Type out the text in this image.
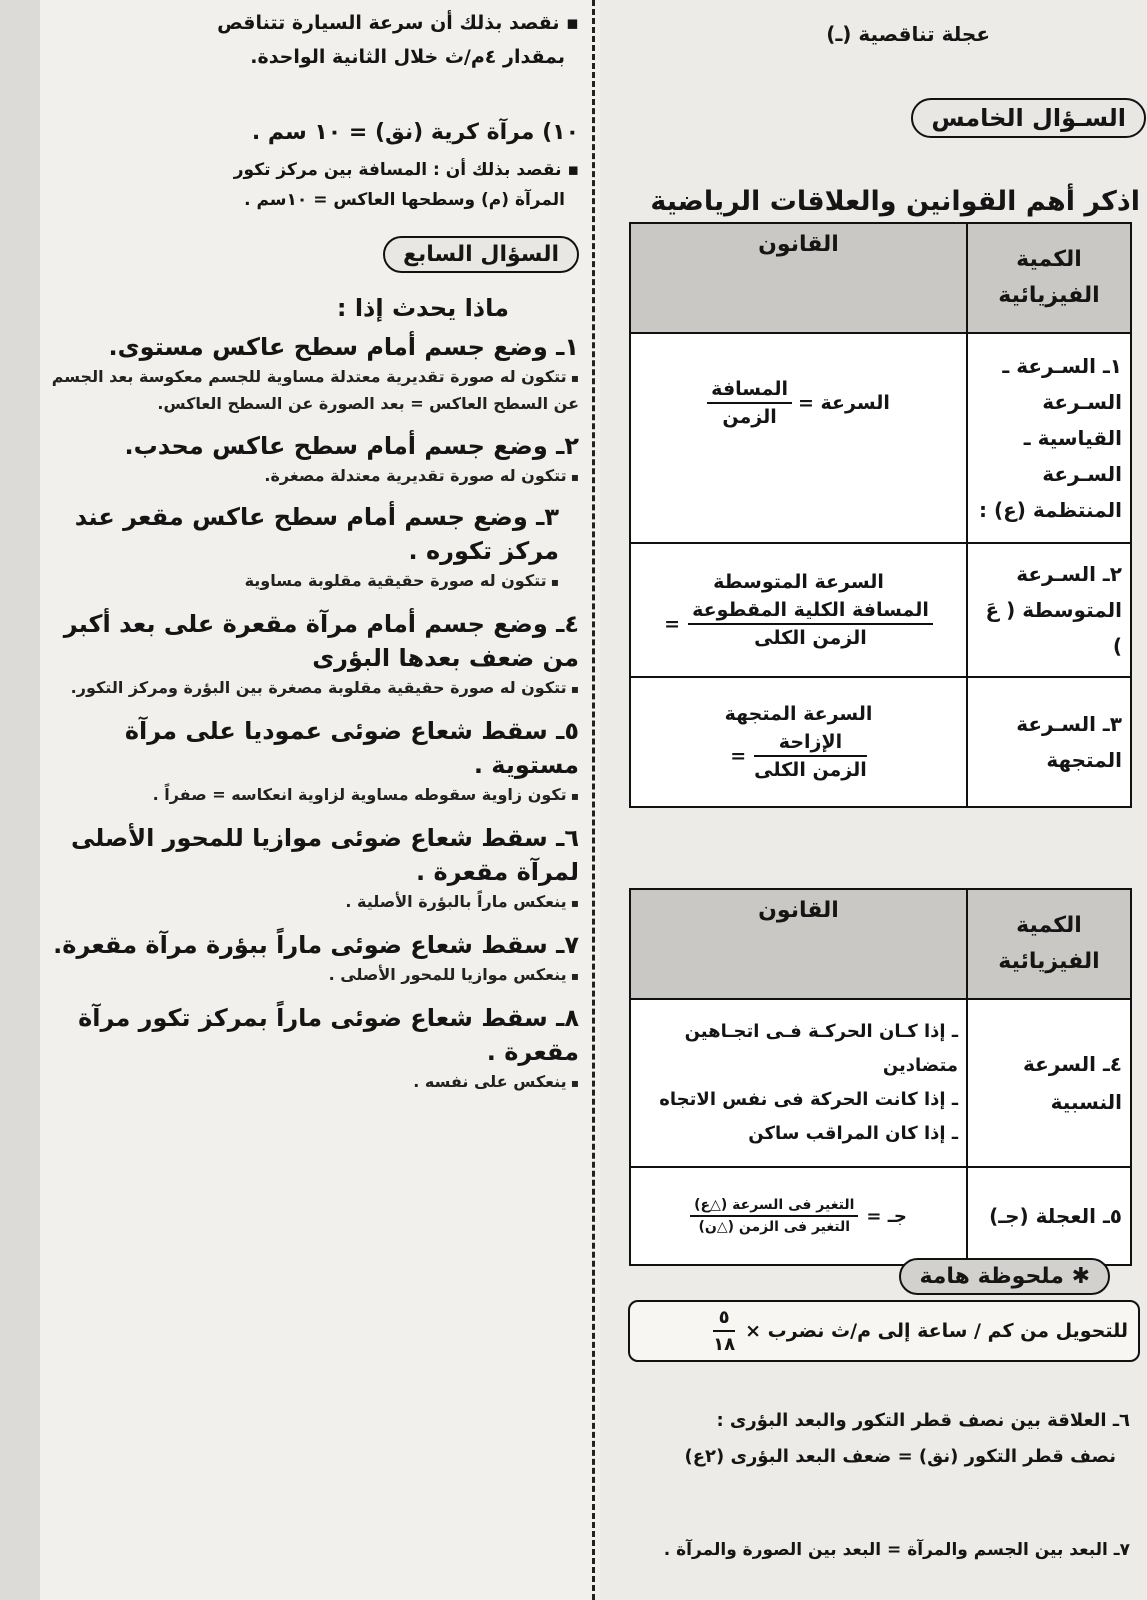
عجلة تناقصية (ـ)
السـؤال الخامس
اذكر أهم القوانين والعلاقات الرياضية
الكمية الفيزيائية	القانون
١ـ السـرعة ـ السـرعة القياسية ـ السـرعة المنتظمة (ع) :	السرعة =
$\frac{\text{المسافة}}{\text{الزمن}}$

٢ـ السـرعة المتوسطة ( عَ )	السرعة المتوسطة
$\frac{\text{المسافة الكلية المقطوعة}}{\text{الزمن الكلى}}$
=

٣ـ السـرعة المتجهة	السرعة المتجهة
$\frac{\text{الإزاحة}}{\text{الزمن الكلى}}$
=
الكمية الفيزيائية	القانون
٤ـ السرعة النسبية	ـ إذا كـان الحركـة فـى اتجـاهين متضادين
ـ إذا كانت الحركة فى نفس الاتجاه
ـ إذا كان المراقب ساكن

٥ـ العجلة (جـ)	جـ =
$\frac{\text{التغير فى السرعة (△ع)}}{\text{التغير فى الزمن (△ن)}}$
✱ ملحوظة هامة
للتحويل من كم / ساعة إلى م/ث نضرب ×
$\frac{٥}{١٨}$
٦ـ العلاقة بين نصف قطر التكور والبعد البؤرى :
نصف قطر التكور (نق) = ضعف البعد البؤرى (٢ع)
٧ـ البعد بين الجسم والمرآة = البعد بين الصورة والمرآة .
▪ نقصد بذلك أن سرعة السيارة تتناقص
بمقدار ٤م/ث خلال الثانية الواحدة.
١٠) مرآة كرية (نق) = ١٠ سم .
▪ نقصد بذلك أن : المسافة بين مركز تكور
المرآة (م) وسطحها العاكس = ١٠سم .
السؤال السابع
ماذا يحدث إذا :
١ـ وضع جسم أمام سطح عاكس مستوى.
▪ تتكون له صورة تقديرية معتدلة مساوية للجسم معكوسة بعد الجسم عن السطح العاكس = بعد الصورة عن السطح العاكس.
٢ـ وضع جسم أمام سطح عاكس محدب.
▪ تتكون له صورة تقديرية معتدلة مصغرة.
٣ـ وضع جسم أمام سطح عاكس مقعر عند مركز تكوره .
▪ تتكون له صورة حقيقية مقلوبة مساوية
٤ـ وضع جسم أمام مرآة مقعرة على بعد أكبر من ضعف بعدها البؤرى
▪ تتكون له صورة حقيقية مقلوبة مصغرة بين البؤرة ومركز التكور.
٥ـ سقط شعاع ضوئى عموديا على مرآة مستوية .
▪ تكون زاوية سقوطه مساوية لزاوية انعكاسه = صفراً .
٦ـ سقط شعاع ضوئى موازيا للمحور الأصلى لمرآة مقعرة .
▪ ينعكس ماراً بالبؤرة الأصلية .
٧ـ سقط شعاع ضوئى ماراً ببؤرة مرآة مقعرة.
▪ ينعكس موازيا للمحور الأصلى .
٨ـ سقط شعاع ضوئى ماراً بمركز تكور مرآة مقعرة .
▪ ينعكس على نفسه .
